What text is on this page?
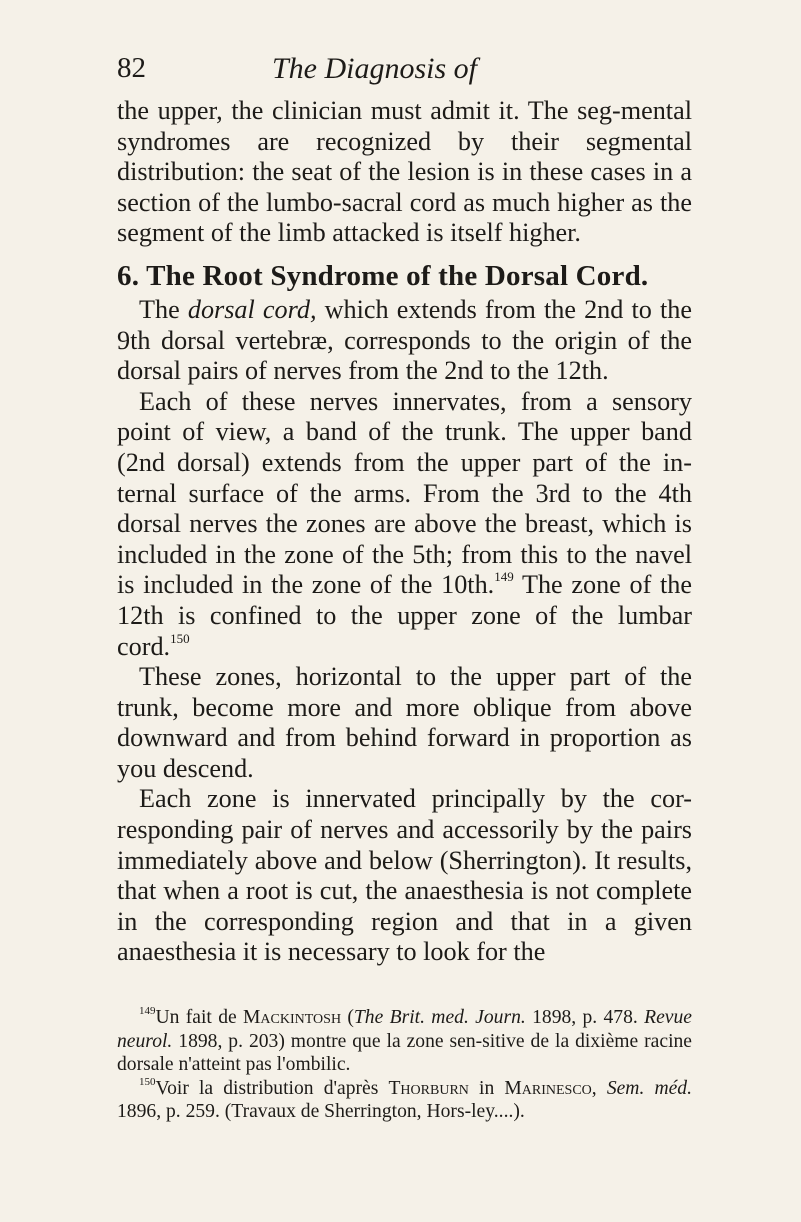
82	The Diagnosis of

the upper, the clinician must admit it. The seg-mental syndromes are recognized by their segmental distribution: the seat of the lesion is in these cases in a section of the lumbo-sacral cord as much higher as the segment of the limb attacked is itself higher.

6. The Root Syndrome of the Dorsal Cord.

The dorsal cord, which extends from the 2nd to the 9th dorsal vertebræ, corresponds to the origin of the dorsal pairs of nerves from the 2nd to the 12th.

Each of these nerves innervates, from a sensory point of view, a band of the trunk. The upper band (2nd dorsal) extends from the upper part of the in-ternal surface of the arms. From the 3rd to the 4th dorsal nerves the zones are above the breast, which is included in the zone of the 5th; from this to the navel is included in the zone of the 10th.$^{149}$ The zone of the 12th is confined to the upper zone of the lumbar cord.$^{150}$

These zones, horizontal to the upper part of the trunk, become more and more oblique from above downward and from behind forward in proportion as you descend.

Each zone is innervated principally by the cor-responding pair of nerves and accessorily by the pairs immediately above and below (Sherrington). It results, that when a root is cut, the anaesthesia is not complete in the corresponding region and that in a given anaesthesia it is necessary to look for the

$^{149}$Un fait de Mackintosh (The Brit. med. Journ. 1898, p. 478. Revue neurol. 1898, p. 203) montre que la zone sen-sitive de la dixième racine dorsale n'atteint pas l'ombilic.

$^{150}$Voir la distribution d'après Thorburn in Marinesco, Sem. méd. 1896, p. 259. (Travaux de Sherrington, Hors-ley....).
